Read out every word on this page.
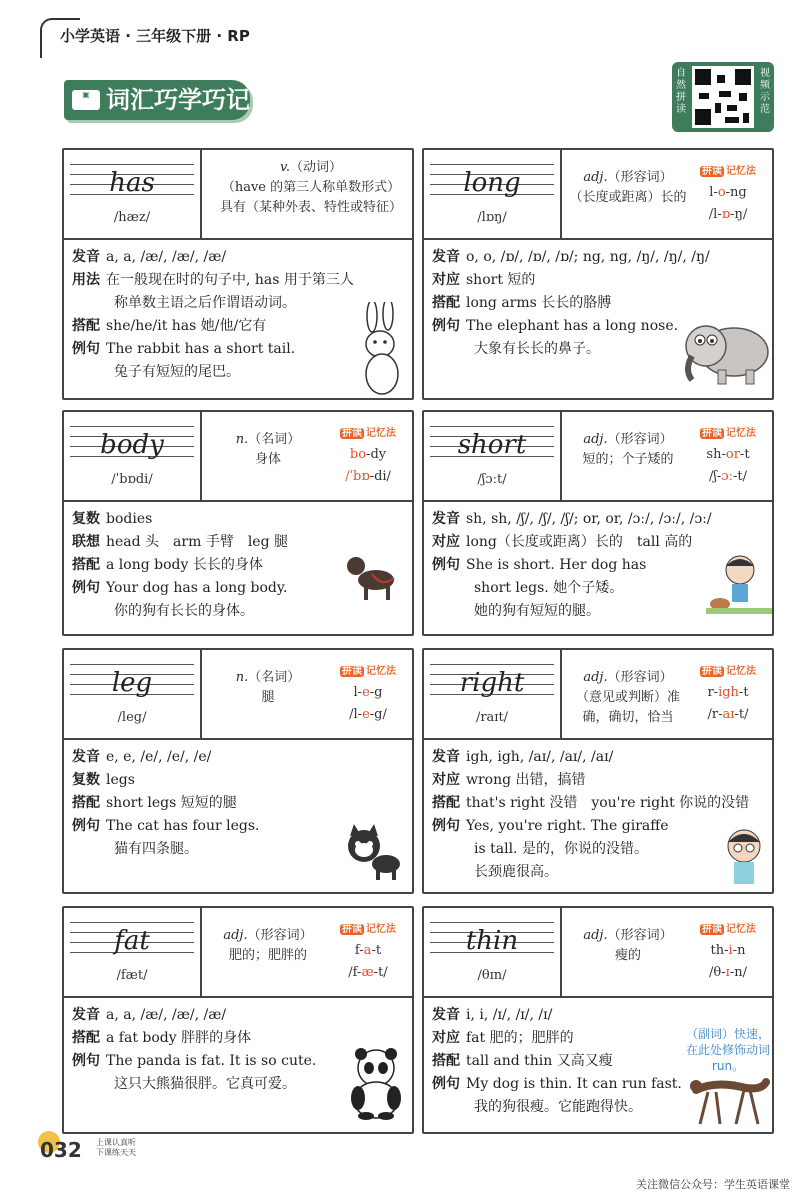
小学英语 · 三年级下册 · RP
▣ 词汇巧学巧记
自然拼读
视频示范
has
/hæz/
v.（动词）
（have 的第三人称单数形式）
具有（某种外表、特性或特征）
发音 a, a, /æ/, /æ/, /æ/
用法 在一般现在时的句子中, has 用于第三人
称单数主语之后作谓语动词。
搭配 she/he/it has 她/他/它有
例句 The rabbit has a short tail.
兔子有短短的尾巴。
long
/lɒŋ/
adj.（形容词）
（长度或距离）长的
拼读 记忆法
l-o-ng
/l-ɒ-ŋ/
发音 o, o, /ɒ/, /ɒ/, /ɒ/; ng, ng, /ŋ/, /ŋ/, /ŋ/
对应 short 短的
搭配 long arms 长长的胳膊
例句 The elephant has a long nose.
大象有长长的鼻子。
body
/ˈbɒdi/
n.（名词）
身体
拼读 记忆法
bo-dy
/ˈbɒ-di/
复数 bodies
联想 head 头　arm 手臂　leg 腿
搭配 a long body 长长的身体
例句 Your dog has a long body.
你的狗有长长的身体。
short
/ʃɔːt/
adj.（形容词）
短的；个子矮的
拼读 记忆法
sh-or-t
/ʃ-ɔː-t/
发音 sh, sh, /ʃ/, /ʃ/, /ʃ/; or, or, /ɔː/, /ɔː/, /ɔː/
对应 long（长度或距离）长的　tall 高的
例句 She is short. Her dog has
short legs. 她个子矮。
她的狗有短短的腿。
leg
/leg/
n.（名词）
腿
拼读 记忆法
l-e-g
/l-e-g/
发音 e, e, /e/, /e/, /e/
复数 legs
搭配 short legs 短短的腿
例句 The cat has four legs.
猫有四条腿。
right
/raɪt/
adj.（形容词）
（意见或判断）准
确，确切，恰当
拼读 记忆法
r-igh-t
/r-aɪ-t/
发音 igh, igh, /aɪ/, /aɪ/, /aɪ/
对应 wrong 出错，搞错
搭配 that's right 没错　you're right 你说的没错
例句 Yes, you're right. The giraffe
is tall. 是的，你说的没错。
长颈鹿很高。
fat
/fæt/
adj.（形容词）
肥的；肥胖的
拼读 记忆法
f-a-t
/f-æ-t/
发音 a, a, /æ/, /æ/, /æ/
搭配 a fat body 胖胖的身体
例句 The panda is fat. It is so cute.
这只大熊猫很胖。它真可爱。
thin
/θɪn/
adj.（形容词）
瘦的
拼读 记忆法
th-i-n
/θ-ɪ-n/
发音 i, i, /ɪ/, /ɪ/, /ɪ/
对应 fat 肥的；肥胖的
搭配 tall and thin 又高又瘦
例句 My dog is thin. It can run fast.
我的狗很瘦。它能跑得快。
（副词）快速，在此处修饰动词run。
032 上课认真听 下课练天天
关注微信公众号：学生英语课堂
